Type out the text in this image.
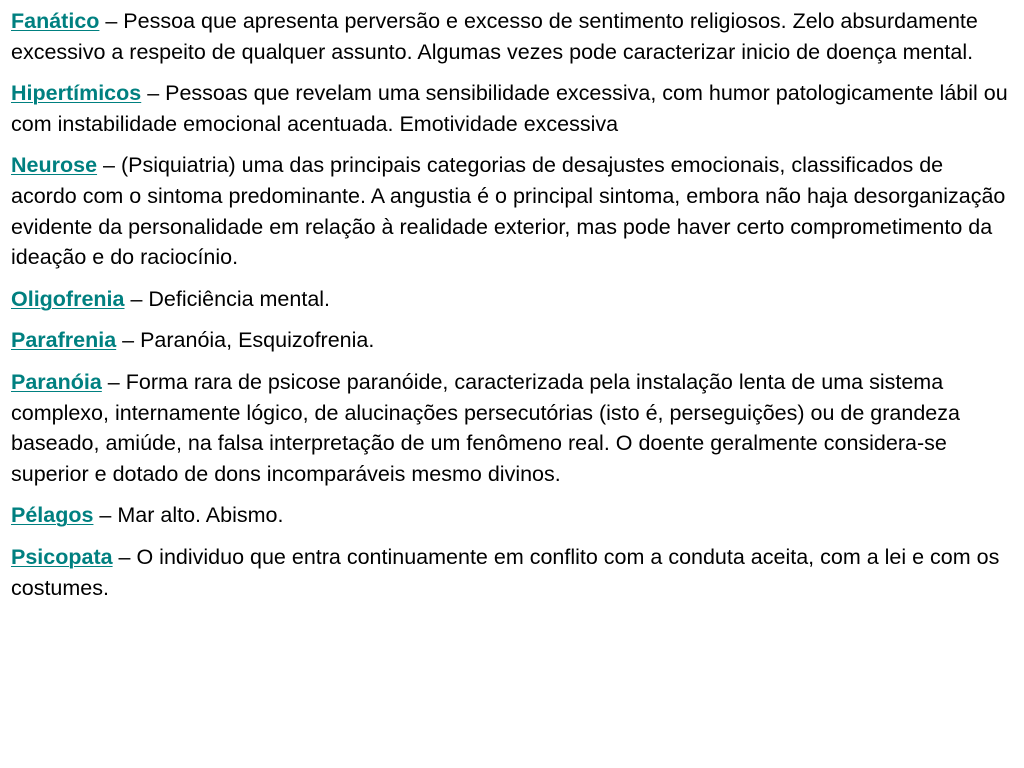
Fanático – Pessoa que apresenta perversão e excesso de sentimento religiosos. Zelo absurdamente excessivo a respeito de qualquer assunto. Algumas vezes pode caracterizar inicio de doença mental.

Hipertímicos – Pessoas que revelam uma sensibilidade excessiva, com humor patologicamente lábil ou com instabilidade emocional acentuada. Emotividade excessiva

Neurose – (Psiquiatria) uma das principais categorias de desajustes emocionais, classificados de acordo com o sintoma predominante. A angustia é o principal sintoma, embora não haja desorganização evidente da personalidade em relação à realidade exterior, mas pode haver certo comprometimento da ideação e do raciocínio.

Oligofrenia – Deficiência mental.

Parafrenia – Paranóia, Esquizofrenia.

Paranóia – Forma rara de psicose paranóide, caracterizada pela instalação lenta de uma sistema complexo, internamente lógico, de alucinações persecutórias (isto é, perseguições) ou de grandeza baseado, amiúde, na falsa interpretação de um fenômeno real. O doente geralmente considera-se superior e dotado de dons incomparáveis mesmo divinos.

Pélagos – Mar alto. Abismo.

Psicopata – O individuo que entra continuamente em conflito com a conduta aceita, com a lei e com os costumes.
